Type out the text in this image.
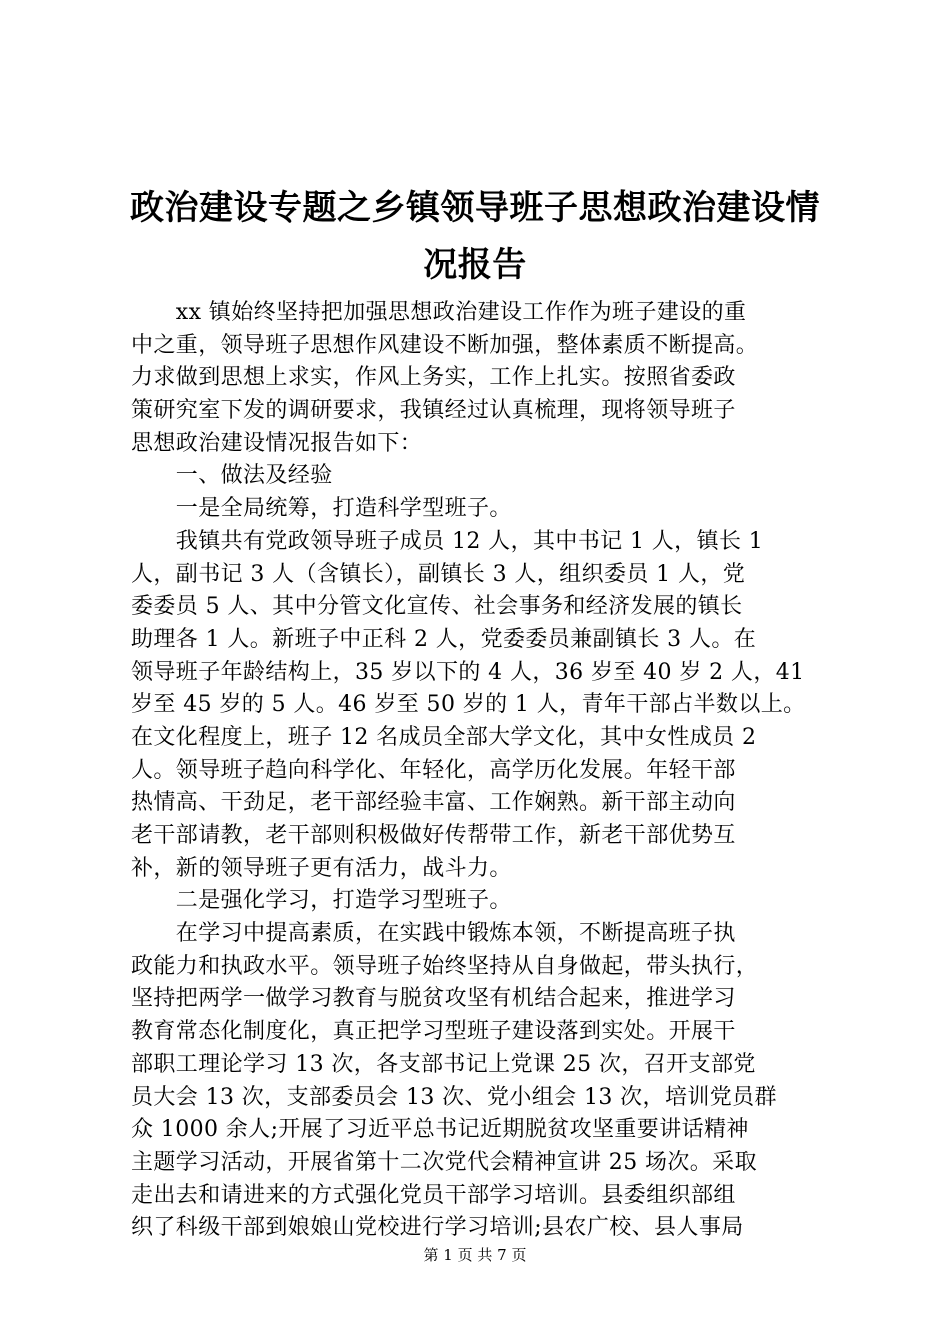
政治建设专题之乡镇领导班子思想政治建设情
况报告
　　xx 镇始终坚持把加强思想政治建设工作作为班子建设的重
中之重，领导班子思想作风建设不断加强，整体素质不断提高。
力求做到思想上求实，作风上务实，工作上扎实。按照省委政
策研究室下发的调研要求，我镇经过认真梳理，现将领导班子
思想政治建设情况报告如下：
　　一、做法及经验
　　一是全局统筹，打造科学型班子。
　　我镇共有党政领导班子成员 12 人，其中书记 1 人，镇长 1
人，副书记 3 人（含镇长），副镇长 3 人，组织委员 1 人，党
委委员 5 人、其中分管文化宣传、社会事务和经济发展的镇长
助理各 1 人。新班子中正科 2 人，党委委员兼副镇长 3 人。在
领导班子年龄结构上，35 岁以下的 4 人，36 岁至 40 岁 2 人，41
岁至 45 岁的 5 人。46 岁至 50 岁的 1 人，青年干部占半数以上。
在文化程度上，班子 12 名成员全部大学文化，其中女性成员 2
人。领导班子趋向科学化、年轻化，高学历化发展。年轻干部
热情高、干劲足，老干部经验丰富、工作娴熟。新干部主动向
老干部请教，老干部则积极做好传帮带工作，新老干部优势互
补，新的领导班子更有活力，战斗力。
　　二是强化学习，打造学习型班子。
　　在学习中提高素质，在实践中锻炼本领，不断提高班子执
政能力和执政水平。领导班子始终坚持从自身做起，带头执行，
坚持把两学一做学习教育与脱贫攻坚有机结合起来，推进学习
教育常态化制度化，真正把学习型班子建设落到实处。开展干
部职工理论学习 13 次，各支部书记上党课 25 次，召开支部党
员大会 13 次，支部委员会 13 次、党小组会 13 次，培训党员群
众 1000 余人;开展了习近平总书记近期脱贫攻坚重要讲话精神
主题学习活动，开展省第十二次党代会精神宣讲 25 场次。采取
走出去和请进来的方式强化党员干部学习培训。县委组织部组
织了科级干部到娘娘山党校进行学习培训;县农广校、县人事局
第 1 页 共 7 页
